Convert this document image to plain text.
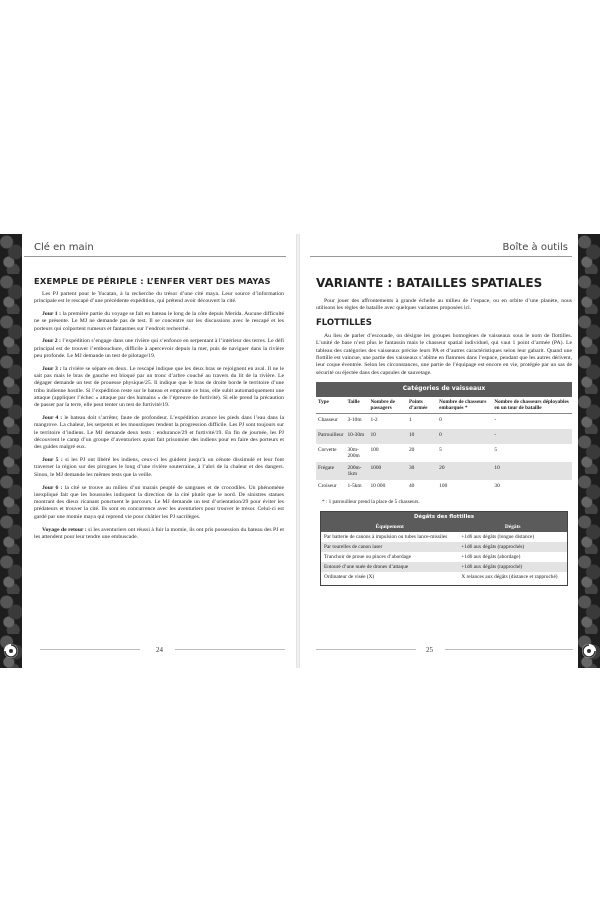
Clé en main
EXEMPLE DE PÉRIPLE : L’ENFER VERT DES MAYAS

Les PJ partent pour le Yucatan, à la recherche du trésor d’une cité maya. Leur source d’information principale est le rescapé d’une précédente expédition, qui prétend avoir découvert la cité.

Jour 1 : la première partie du voyage se fait en bateau le long de la côte depuis Merida. Aucune difficulté ne se présente. Le MJ ne demande pas de test. Il se concentre sur les discussions avec le rescapé et les porteurs qui colportent rumeurs et fantasmes sur l’endroit recherché.

Jour 2 : l’expédition s’engage dans une rivière qui s’enfonce en serpentant à l’intérieur des terres. Le défi principal est de trouver l’embouchure, difficile à apercevoir depuis la mer, puis de naviguer dans la rivière peu profonde. Le MJ demande un test de pilotage/19.

Jour 3 : la rivière se sépare en deux. Le rescapé indique que les deux bras se rejoignent en aval. Il ne le sait pas mais le bras de gauche est bloqué par un tronc d’arbre couché au travers du lit de la rivière. Le dégager demande un test de prouesse physique/25. Il indique que le bras de droite borde le territoire d’une tribu indienne hostile. Si l’expédition reste sur le bateau et emprunte ce bras, elle subit automatiquement une attaque (appliquer l’échec « attaque par des humains » de l’épreuve de furtivité). Si elle prend la précaution de passer par la terre, elle peut tenter un test de furtivité/19.

Jour 4 : le bateau doit s’arrêter, faute de profondeur. L’expédition avance les pieds dans l’eau dans la mangrove. La chaleur, les serpents et les moustiques rendent la progression difficile. Les PJ sont toujours sur le territoire d’indiens. Le MJ demande deux tests : endurance/29 et furtivité/19. En fin de journée, les PJ découvrent le camp d’un groupe d’aventuriers ayant fait prisonnier des indiens pour en faire des porteurs et des guides malgré eux.

Jour 5 : si les PJ ont libéré les indiens, ceux-ci les guident jusqu’à un cénote dissimulé et leur font traverser la région sur des pirogues le long d’une rivière souterraine, à l’abri de la chaleur et des dangers. Sinon, le MJ demande les mêmes tests que la veille.

Jour 6 : la cité se trouve au milieu d’un marais peuplé de sangsues et de crocodiles. Un phénomène inexpliqué fait que les boussoles indiquent la direction de la cité plutôt que le nord. De sinistres statues montrant des dieux ricanant ponctuent le parcours. Le MJ demande un test d’orientation/29 pour éviter les prédateurs et trouver la cité. Ils sont en concurrence avec les aventuriers pour trouver le trésor. Celui-ci est gardé par une momie maya qui reprend vie pour châtier les PJ sacrilèges.

Voyage de retour : si les aventuriers ont réussi à fuir la momie, ils ont pris possession du bateau des PJ et les attendent pour leur tendre une embuscade.

24
Boîte à outils
VARIANTE : BATAILLES SPATIALES

Pour jouer des affrontements à grande échelle au milieu de l’espace, ou en orbite d’une planète, nous utilisons les règles de bataille avec quelques variantes proposées ici.

FLOTTILLES

Au lieu de parler d’escouade, on désigne les groupes homogènes de vaisseaux sous le nom de flottilles. L’unité de base n’est plus le fantassin mais le chasseur spatial individuel, qui vaut 1 point d’armée (PA). Le tableau des catégories des vaisseaux précise leurs PA et d’autres caractéristiques selon leur gabarit. Quand une flottille est vaincue, une partie des vaisseaux s’abîme en flammes dans l’espace, pendant que les autres dérivent, leur coque éventrée. Selon les circonstances, une partie de l’équipage est encore en vie, protégée par un sas de sécurité ou éjectée dans des capsules de sauvetage.

Catégories de vaisseaux					
Type	Taille	Nombre de passagers	Points d’armée	Nombre de chasseurs embarqués *	Nombre de chasseurs déployables en un tour de bataille
Chasseur	3-10m	1-2	1	0	-
Patrouilleur	10-30m	10	10	0	-
Corvette	30m-200m	100	20	5	5
Frégate	200m-1km	1000	30	20	10
Croiseur	1-5km	10 000	40	100	30
* : 1 patrouilleur prend la place de 5 chasseurs.
Dégâts des flottilles	
Équipement	Dégâts
Par batterie de canons à impulsion ou tubes lance-missiles	+1d6 aux dégâts (longue distance)
Par tourelles de canon laser	+1d6 aux dégâts (rapprochés)
Tranchoir de proue ou pinces d’abordage	+1d6 aux dégâts (abordage)
Entouré d’une nuée de drones d’attaque	+1d6 aux dégâts (rapproché)
Ordinateur de visée (X)	X relances aux dégâts (distance et rapproché)
25
